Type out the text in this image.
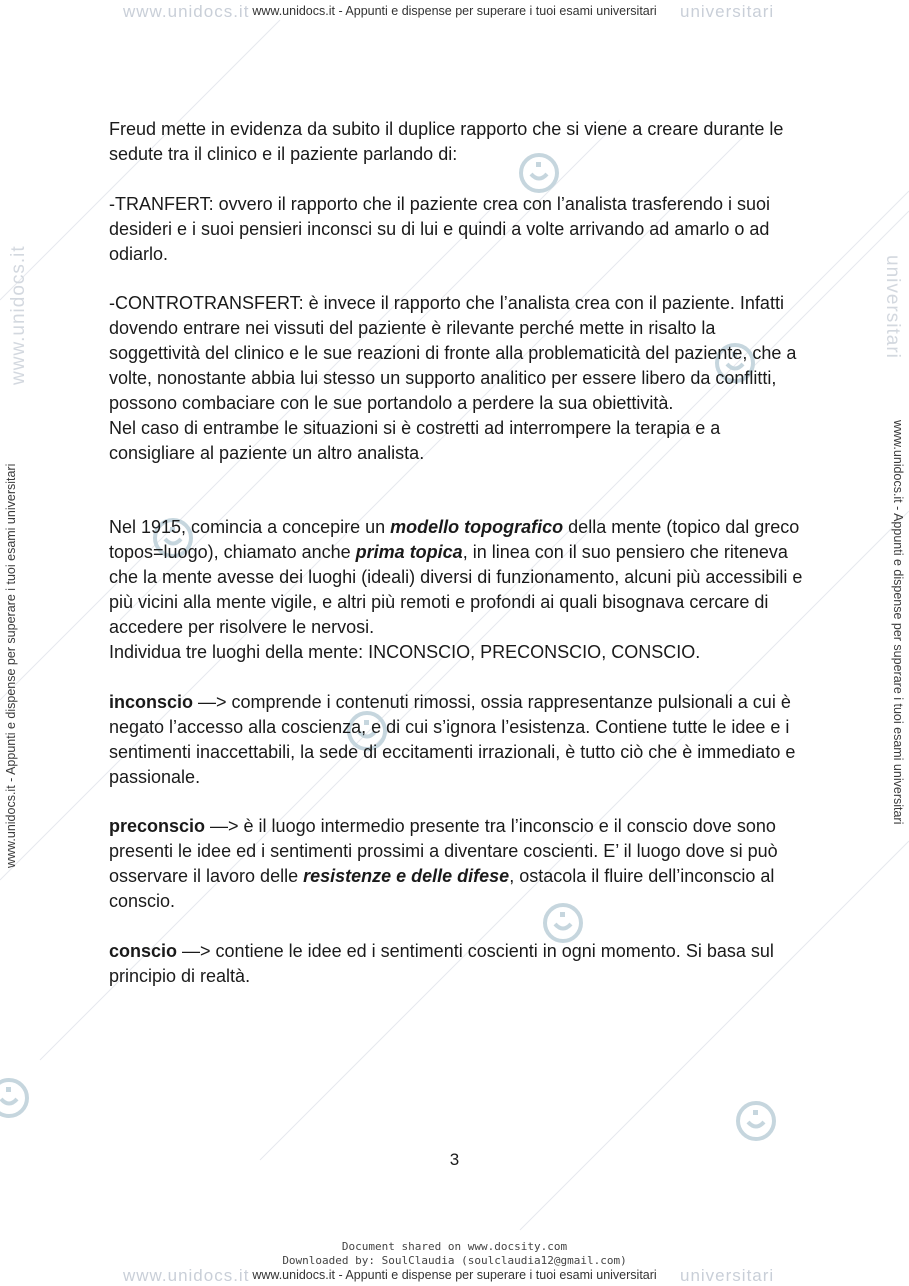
www.unidocs.it	universitari
www.unidocs.it	universitari
www.unidocs.it - Appunti e dispense per superare i tuoi esami universitari
www.unidocs.it - Appunti e dispense per superare i tuoi esami universitari
www.unidocs.it - Appunti e dispense per superare i tuoi esami universitari	www.unidocs.it - Appunti e dispense per superare i tuoi esami universitari
www.unidocs.it	universitari

Freud mette in evidenza da subito il duplice rapporto che si viene a creare durante le sedute tra il clinico e il paziente parlando di:

-TRANFERT: ovvero il rapporto che il paziente crea con l’analista trasferendo i suoi desideri e i suoi pensieri inconsci su di lui e quindi a volte arrivando ad amarlo o ad odiarlo.

-CONTROTRANSFERT: è invece il rapporto che l’analista crea con il paziente. Infatti dovendo entrare nei vissuti del paziente è rilevante perché mette in risalto la soggettività del clinico e le sue reazioni di fronte alla problematicità del paziente, che a volte, nonostante abbia lui stesso un supporto analitico per essere libero da conflitti, possono combaciare con le sue portandolo a perdere la sua obiettività.

Nel caso di entrambe le situazioni si è costretti ad interrompere la terapia e a consigliare al paziente un altro analista.

Nel 1915, comincia a concepire un modello topografico della mente (topico dal greco topos=luogo), chiamato anche prima topica, in linea con il suo pensiero che riteneva che la mente avesse dei luoghi (ideali) diversi di funzionamento, alcuni più accessibili e più vicini alla mente vigile, e altri più remoti e profondi ai quali bisognava cercare di accedere per risolvere le nervosi.

Individua tre luoghi della mente: INCONSCIO, PRECONSCIO, CONSCIO.

inconscio —> comprende i contenuti rimossi, ossia rappresentanze pulsionali a cui è negato l’accesso alla coscienza, e di cui s’ignora l’esistenza. Contiene tutte le idee e i sentimenti inaccettabili, la sede di eccitamenti irrazionali, è tutto ciò che è immediato e passionale.

preconscio —> è il luogo intermedio presente tra l’inconscio e il conscio dove sono presenti le idee ed i sentimenti prossimi a diventare coscienti. E’ il luogo dove si può osservare il lavoro delle resistenze e delle difese, ostacola il fluire dell’inconscio al conscio.

conscio —> contiene le idee ed i sentimenti coscienti in ogni momento. Si basa sul principio di realtà.

3
Document shared on www.docsity.com
Downloaded by: SoulClaudia (soulclaudia12@gmail.com)
